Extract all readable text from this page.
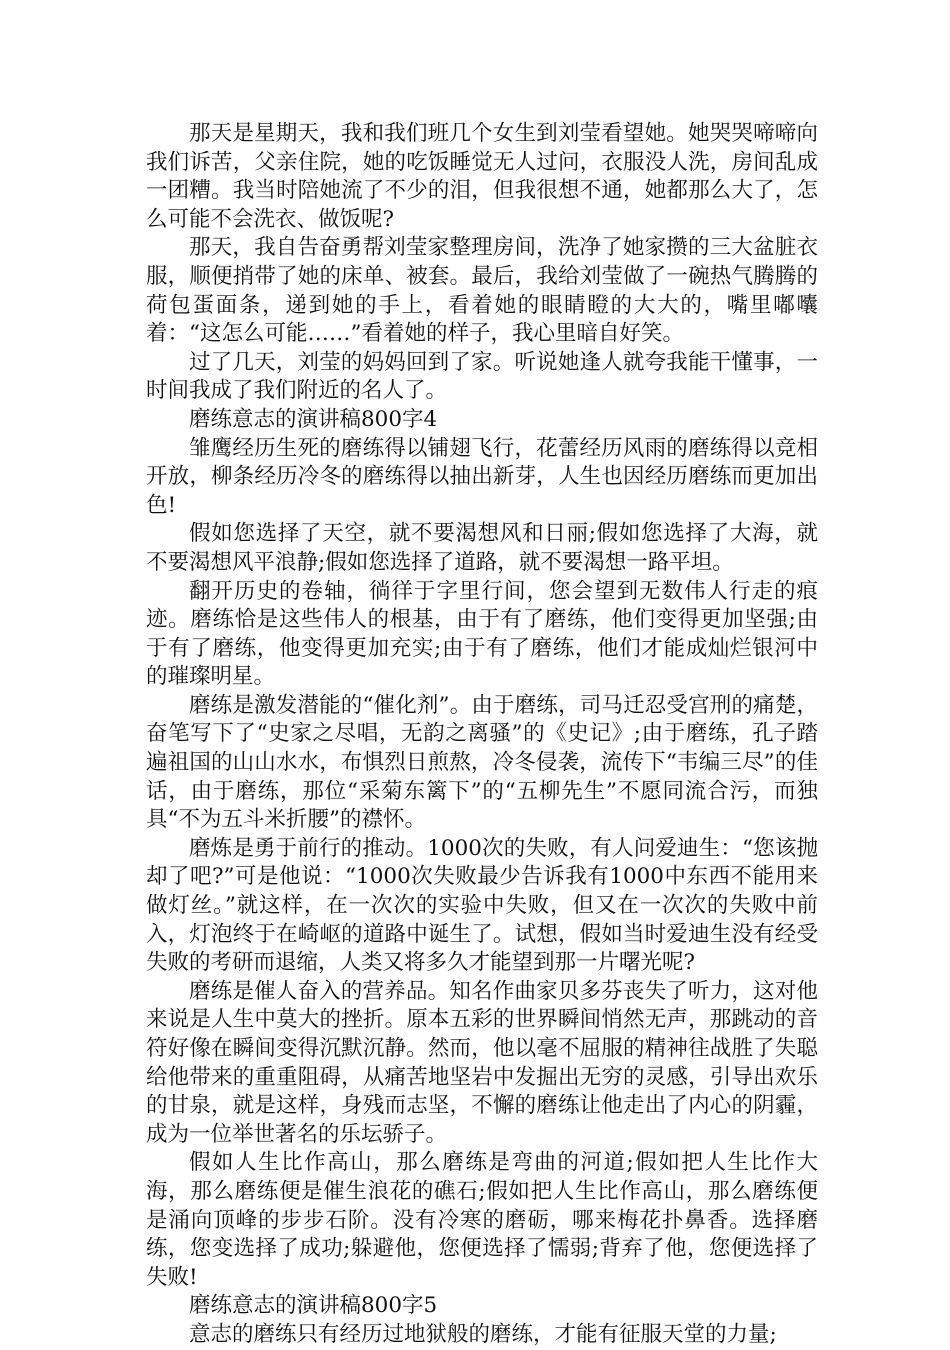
那天是星期天，我和我们班几个女生到刘莹看望她。她哭哭啼啼向我们诉苦，父亲住院，她的吃饭睡觉无人过问，衣服没人洗，房间乱成一团糟。我当时陪她流了不少的泪，但我很想不通，她都那么大了，怎么可能不会洗衣、做饭呢?

那天，我自告奋勇帮刘莹家整理房间，洗净了她家攒的三大盆脏衣服，顺便捎带了她的床单、被套。最后，我给刘莹做了一碗热气腾腾的荷包蛋面条，递到她的手上，看着她的眼睛瞪的大大的，嘴里嘟囔着：“这怎么可能……”看着她的样子，我心里暗自好笑。

过了几天，刘莹的妈妈回到了家。听说她逢人就夸我能干懂事，一时间我成了我们附近的名人了。

磨练意志的演讲稿800字4

雏鹰经历生死的磨练得以铺翅飞行，花蕾经历风雨的磨练得以竞相开放，柳条经历冷冬的磨练得以抽出新芽，人生也因经历磨练而更加出色!

假如您选择了天空，就不要渴想风和日丽;假如您选择了大海，就不要渴想风平浪静;假如您选择了道路，就不要渴想一路平坦。

翻开历史的卷轴，徜徉于字里行间，您会望到无数伟人行走的痕迹。磨练恰是这些伟人的根基，由于有了磨练，他们变得更加坚强;由于有了磨练，他变得更加充实;由于有了磨练，他们才能成灿烂银河中的璀璨明星。

磨练是激发潜能的“催化剂”。由于磨练，司马迁忍受宫刑的痛楚，奋笔写下了“史家之尽唱，无韵之离骚”的《史记》;由于磨练，孔子踏遍祖国的山山水水，布惧烈日煎熬，冷冬侵袭，流传下“韦编三尽”的佳话，由于磨练，那位“采菊东篱下”的“五柳先生”不愿同流合污，而独具“不为五斗米折腰”的襟怀。

磨炼是勇于前行的推动。1000次的失败，有人问爱迪生：“您该抛却了吧?”可是他说：“1000次失败最少告诉我有1000中东西不能用来做灯丝。”就这样，在一次次的实验中失败，但又在一次次的失败中前入，灯泡终于在崎岖的道路中诞生了。试想，假如当时爱迪生没有经受失败的考研而退缩，人类又将多久才能望到那一片曙光呢?

磨练是催人奋入的营养品。知名作曲家贝多芬丧失了听力，这对他来说是人生中莫大的挫折。原本五彩的世界瞬间悄然无声，那跳动的音符好像在瞬间变得沉默沉静。然而，他以毫不屈服的精神往战胜了失聪给他带来的重重阻碍，从痛苦地坚岩中发掘出无穷的灵感，引导出欢乐的甘泉，就是这样，身残而志坚，不懈的磨练让他走出了内心的阴霾，成为一位举世著名的乐坛骄子。

假如人生比作高山，那么磨练是弯曲的河道;假如把人生比作大海，那么磨练便是催生浪花的礁石;假如把人生比作高山，那么磨练便是涌向顶峰的步步石阶。没有冷寒的磨砺，哪来梅花扑鼻香。选择磨练，您变选择了成功;躲避他，您便选择了懦弱;背弃了他，您便选择了失败!

磨练意志的演讲稿800字5

意志的磨练只有经历过地狱般的磨练，才能有征服天堂的力量;
